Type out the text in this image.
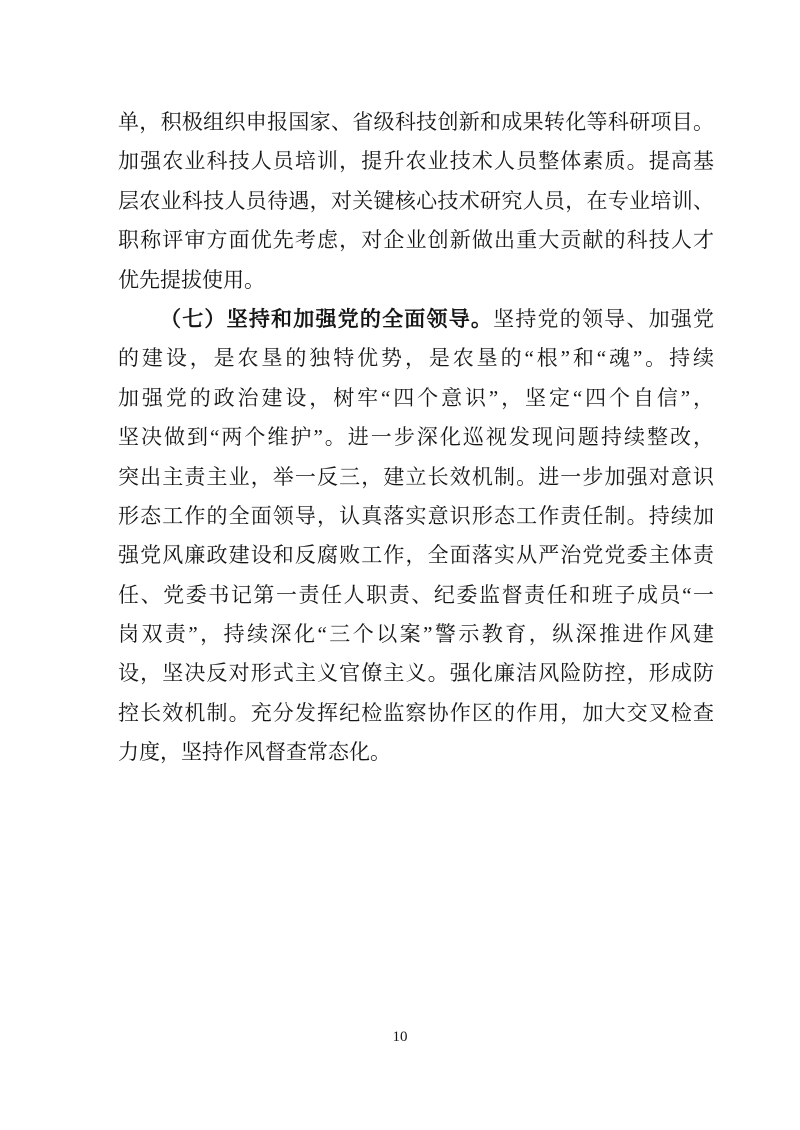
单，积极组织申报国家、省级科技创新和成果转化等科研项目。
加强农业科技人员培训，提升农业技术人员整体素质。提高基
层农业科技人员待遇，对关键核心技术研究人员，在专业培训、
职称评审方面优先考虑，对企业创新做出重大贡献的科技人才
优先提拔使用。
（七）坚持和加强党的全面领导。坚持党的领导、加强党
的建设，是农垦的独特优势，是农垦的“根”和“魂”。持续
加强党的政治建设，树牢“四个意识”，坚定“四个自信”，
坚决做到“两个维护”。进一步深化巡视发现问题持续整改，
突出主责主业，举一反三，建立长效机制。进一步加强对意识
形态工作的全面领导，认真落实意识形态工作责任制。持续加
强党风廉政建设和反腐败工作，全面落实从严治党党委主体责
任、党委书记第一责任人职责、纪委监督责任和班子成员“一
岗双责”，持续深化“三个以案”警示教育，纵深推进作风建
设，坚决反对形式主义官僚主义。强化廉洁风险防控，形成防
控长效机制。充分发挥纪检监察协作区的作用，加大交叉检查
力度，坚持作风督查常态化。
10
